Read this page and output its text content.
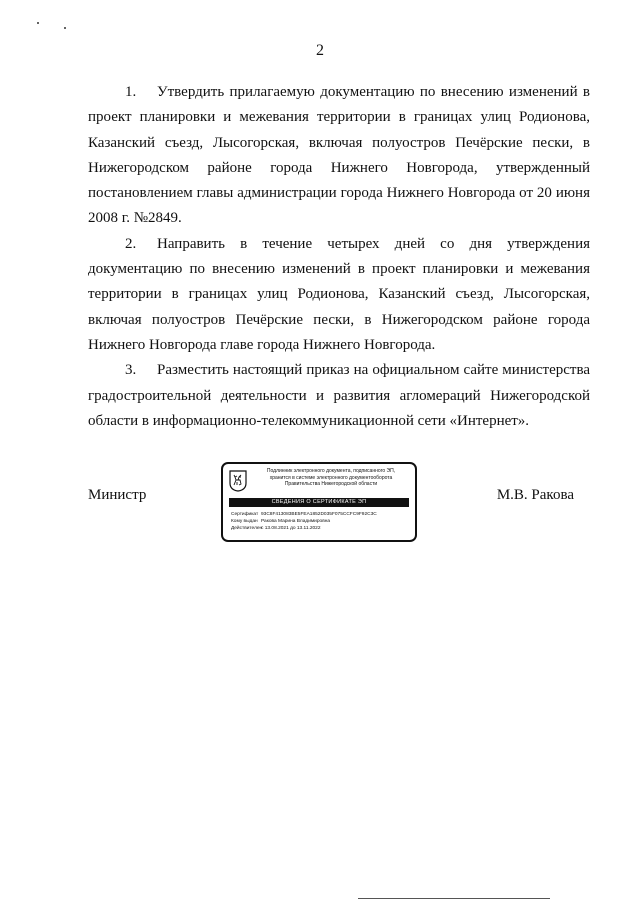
2

1. Утвердить прилагаемую документацию по внесению изменений в проект планировки и межевания территории в границах улиц Родионова, Казанский съезд, Лысогорская, включая полуостров Печёрские пески, в Нижегородском районе города Нижнего Новгорода, утвержденный постановлением главы администрации города Нижнего Новгорода от 20 июня 2008 г. №2849.

2. Направить в течение четырех дней со дня утверждения документацию по внесению изменений в проект планировки и межевания территории в границах улиц Родионова, Казанский съезд, Лысогорская, включая полуостров Печёрские пески, в Нижегородском районе города Нижнего Новгорода главе города Нижнего Новгорода.

3. Разместить настоящий приказ на официальном сайте министерства градостроительной деятельности и развития агломераций Нижегородской области в информационно-телекоммуникационной сети «Интернет».

Министр
Подлинник электронного документа, подписанного ЭП,
хранится в системе электронного документооборота
Правительства Нижегородской области
СВЕДЕНИЯ О СЕРТИФИКАТЕ ЭП
Сертификат 93C8F413083BE5FEA1852D035F075CCFC9F92C3C
Кому выдан Ракова Марина Владимировна
Действителенс 13.08.2021 до 13.11.2022
М.В. Ракова
